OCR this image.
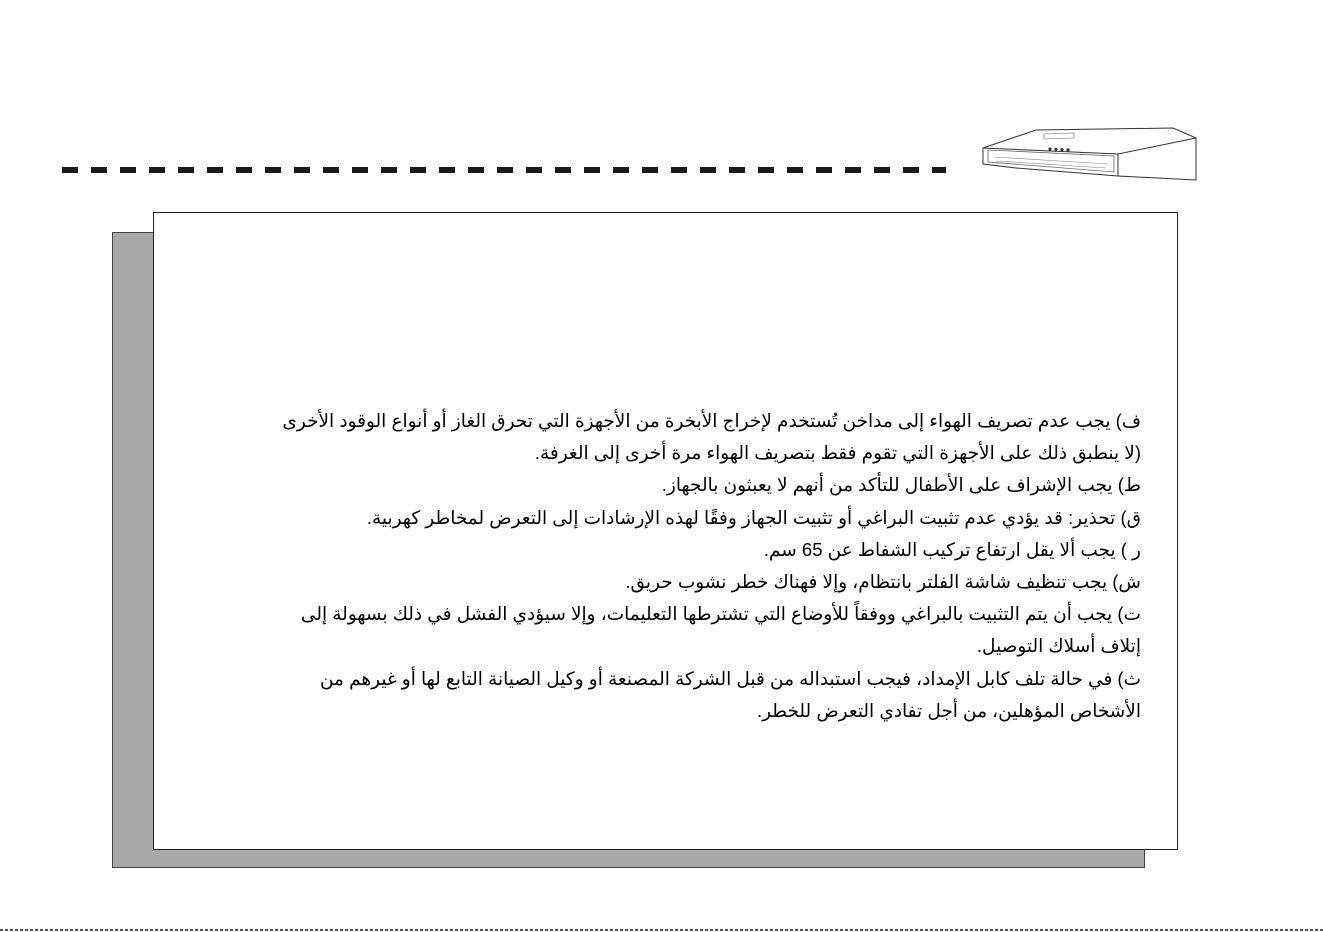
ف) يجب عدم تصريف الهواء إلى مداخن تُستخدم لإخراج الأبخرة من الأجهزة التي تحرق الغاز أو أنواع الوقود الأخرى (لا ينطبق ذلك على الأجهزة التي تقوم فقط بتصريف الهواء مرة أخرى إلى الغرفة.
ط) يجب الإشراف على الأطفال للتأكد من أنهم لا يعبثون بالجهاز.
ق) تحذير: قد يؤدي عدم تثبيت البراغي أو تثبيت الجهاز وفقًا لهذه الإرشادات إلى التعرض لمخاطر كهربية.
ر ) يجب ألا يقل ارتفاع تركيب الشفاط عن 65 سم.
ش) يجب تنظيف شاشة الفلتر بانتظام، وإلا فهناك خطر نشوب حريق.
ت) يجب أن يتم التثبيت بالبراغي ووفقاً للأوضاع التي تشترطها التعليمات، وإلا سيؤدي الفشل في ذلك بسهولة إلى إتلاف أسلاك التوصيل.
ث) في حالة تلف كابل الإمداد، فيجب استبداله من قبل الشركة المصنعة أو وكيل الصيانة التابع لها أو غيرهم من الأشخاص المؤهلين، من أجل تفادي التعرض للخطر.
